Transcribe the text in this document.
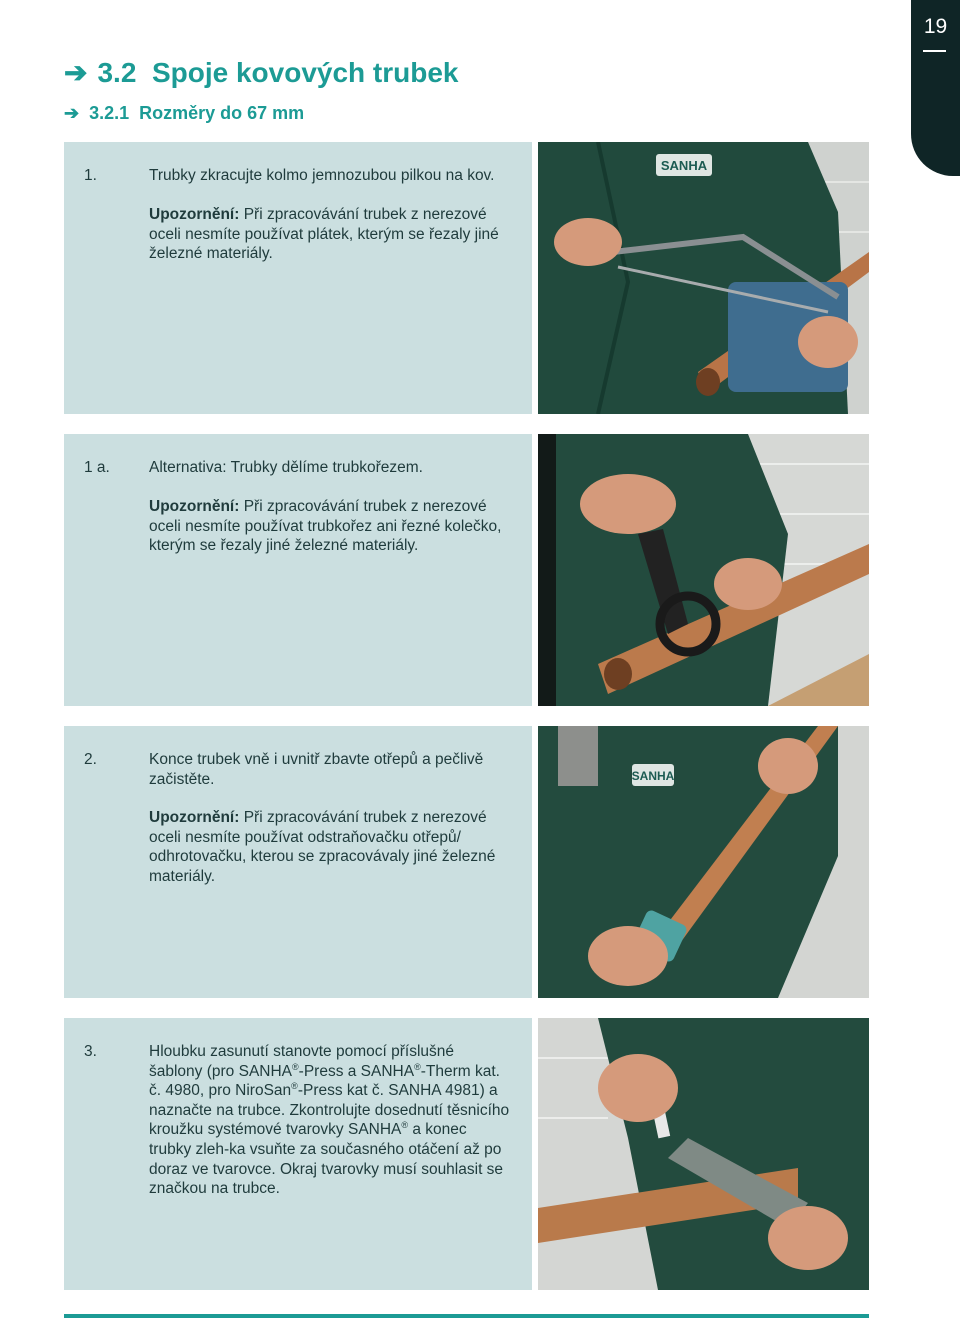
19
➔ 3.2  Spoje kovových trubek
➔ 3.2.1  Rozměry do 67 mm
1.	Trubky zkracujte kolmo jemnozubou pilkou na kov.
Upozornění: Při zpracovávání trubek z nerezové oceli nesmíte používat plátek, kterým se řezaly jiné železné materiály.
SANHA
1 a.	Alternativa: Trubky dělíme trubkořezem.
Upozornění: Při zpracovávání trubek z nerezové oceli nesmíte používat trubkořez ani řezné kolečko, kterým se řezaly jiné železné materiály.
2.	Konce trubek vně i uvnitř zbavte otřepů a pečlivě začistěte.
Upozornění: Při zpracovávání trubek z nerezové oceli nesmíte používat odstraňovačku otřepů/ odhrotovačku, kterou se zpracovávaly jiné železné materiály.
SANHA
3.	Hloubku zasunutí stanovte pomocí příslušné šablony (pro SANHA®-Press a SANHA®-Therm kat. č. 4980, pro NiroSan®-Press kat č. SANHA 4981) a naznačte na trubce. Zkontrolujte dosednutí těsnicího kroužku systémové tvarovky SANHA® a konec trubky zleh-ka vsuňte za současného otáčení až po doraz ve tvarovce. Okraj tvarovky musí souhlasit se značkou na trubce.
